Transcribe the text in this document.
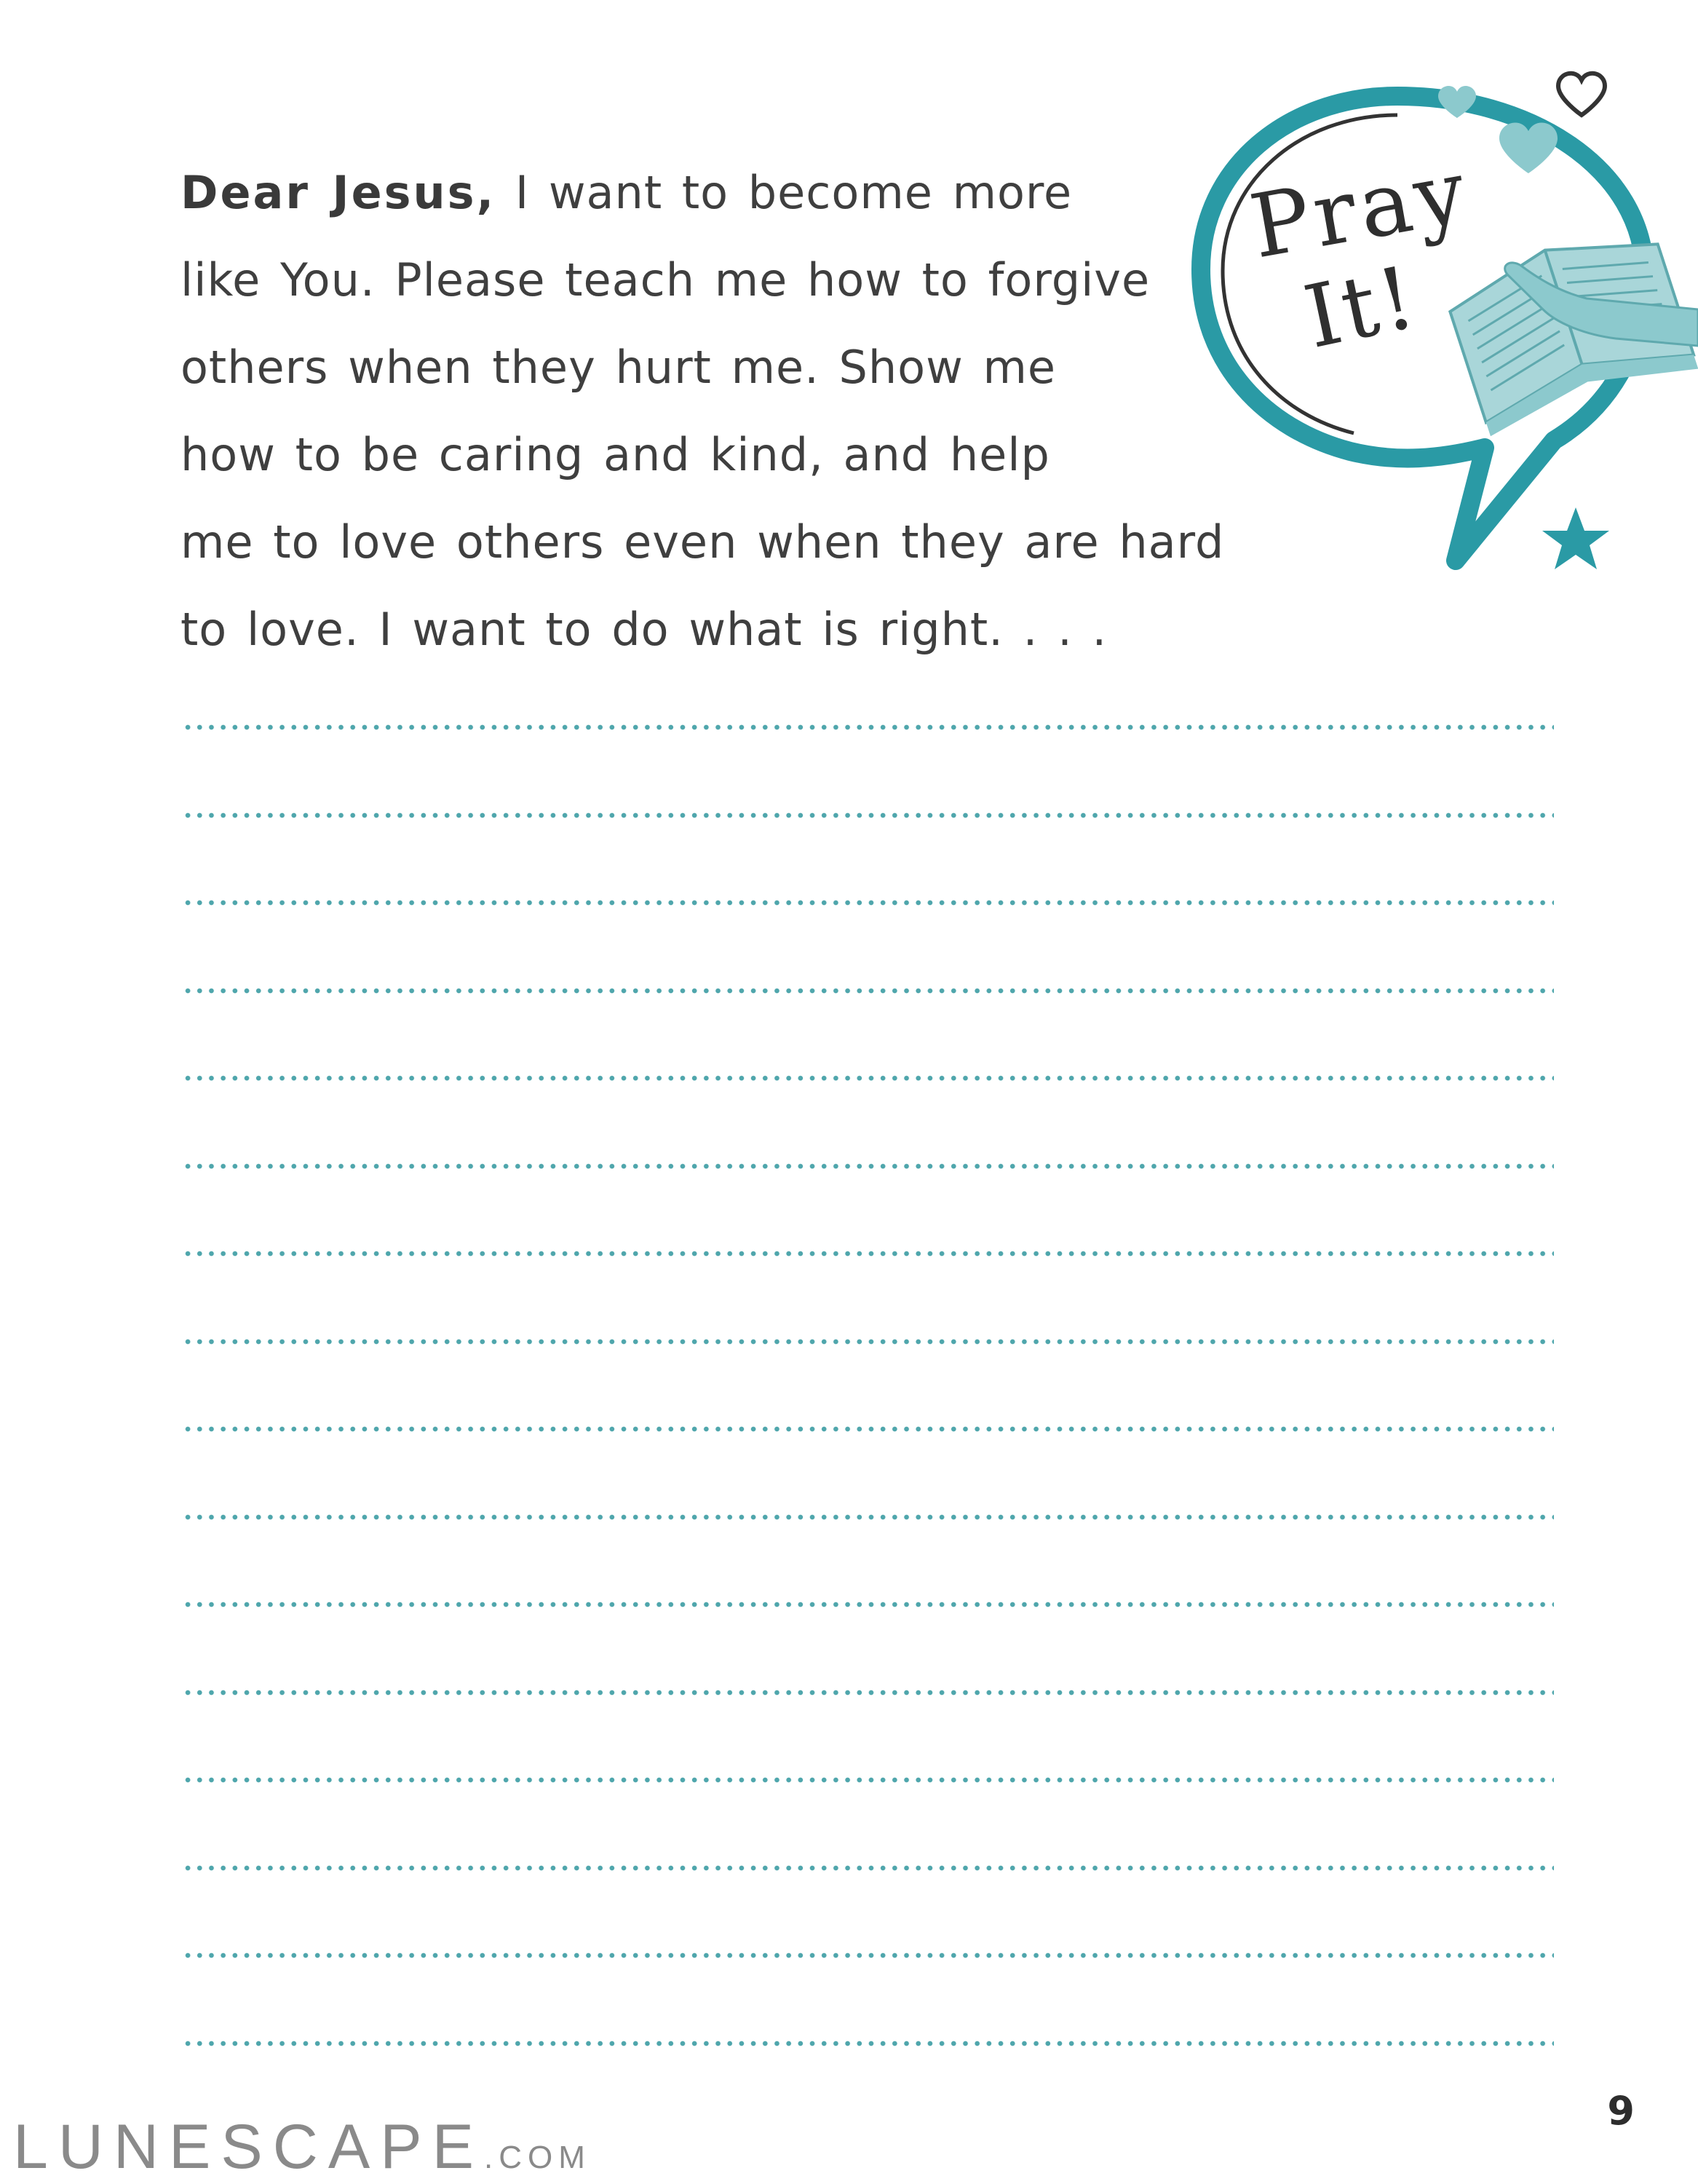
Dear Jesus, I want to become more
like You. Please teach me how to forgive
others when they hurt me. Show me
how to be caring and kind, and help
me to love others even when they are hard
to love. I want to do what is right. . . .
Pray
It!
9
LUNESCAPE.COM
